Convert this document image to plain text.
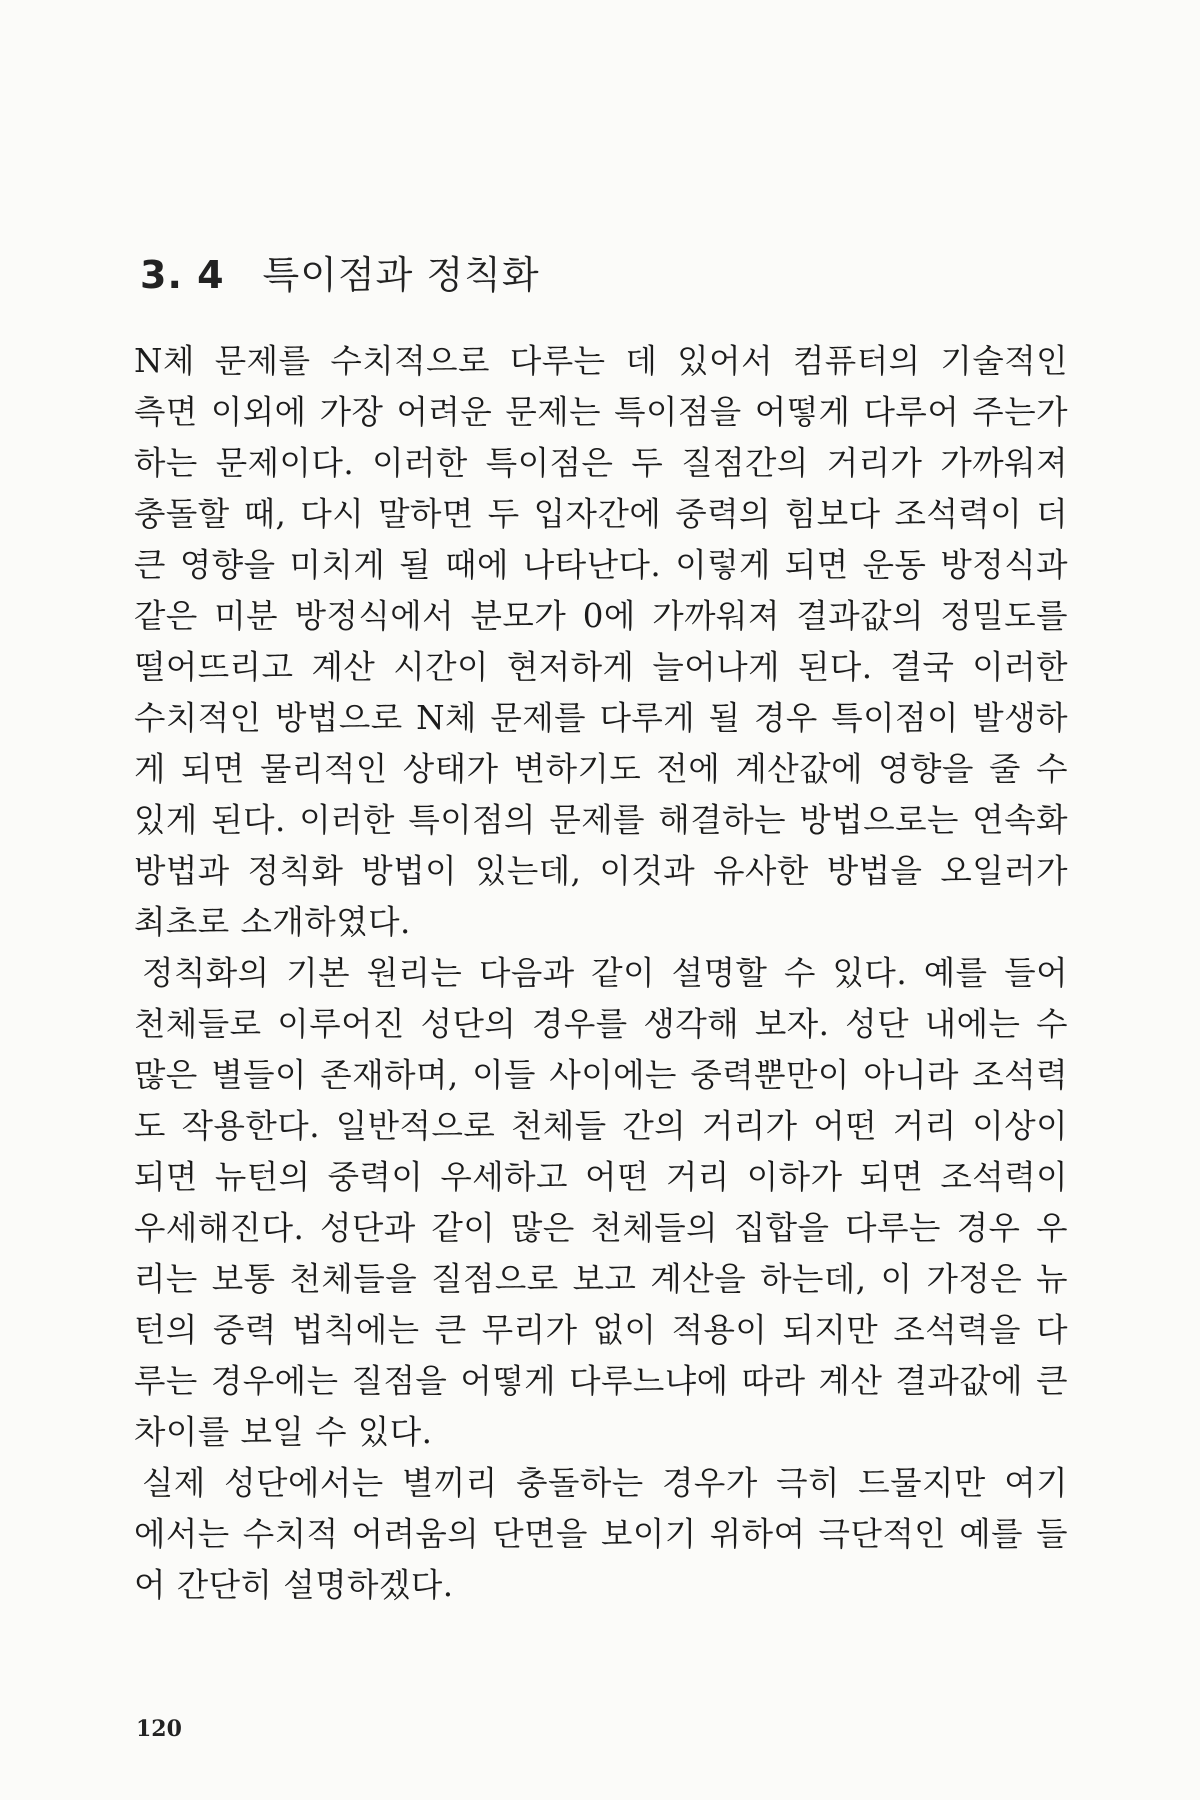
3. 4 특이점과 정칙화

N체 문제를 수치적으로 다루는 데 있어서 컴퓨터의 기술적인
측면 이외에 가장 어려운 문제는 특이점을 어떻게 다루어 주는가
하는 문제이다. 이러한 특이점은 두 질점간의 거리가 가까워져
충돌할 때, 다시 말하면 두 입자간에 중력의 힘보다 조석력이 더
큰 영향을 미치게 될 때에 나타난다. 이렇게 되면 운동 방정식과
같은 미분 방정식에서 분모가 0에 가까워져 결과값의 정밀도를
떨어뜨리고 계산 시간이 현저하게 늘어나게 된다. 결국 이러한
수치적인 방법으로 N체 문제를 다루게 될 경우 특이점이 발생하
게 되면 물리적인 상태가 변하기도 전에 계산값에 영향을 줄 수
있게 된다. 이러한 특이점의 문제를 해결하는 방법으로는 연속화
방법과 정칙화 방법이 있는데, 이것과 유사한 방법을 오일러가
최초로 소개하였다.

정칙화의 기본 원리는 다음과 같이 설명할 수 있다. 예를 들어
천체들로 이루어진 성단의 경우를 생각해 보자. 성단 내에는 수
많은 별들이 존재하며, 이들 사이에는 중력뿐만이 아니라 조석력
도 작용한다. 일반적으로 천체들 간의 거리가 어떤 거리 이상이
되면 뉴턴의 중력이 우세하고 어떤 거리 이하가 되면 조석력이
우세해진다. 성단과 같이 많은 천체들의 집합을 다루는 경우 우
리는 보통 천체들을 질점으로 보고 계산을 하는데, 이 가정은 뉴
턴의 중력 법칙에는 큰 무리가 없이 적용이 되지만 조석력을 다
루는 경우에는 질점을 어떻게 다루느냐에 따라 계산 결과값에 큰
차이를 보일 수 있다.

실제 성단에서는 별끼리 충돌하는 경우가 극히 드물지만 여기
에서는 수치적 어려움의 단면을 보이기 위하여 극단적인 예를 들
어 간단히 설명하겠다.

120
